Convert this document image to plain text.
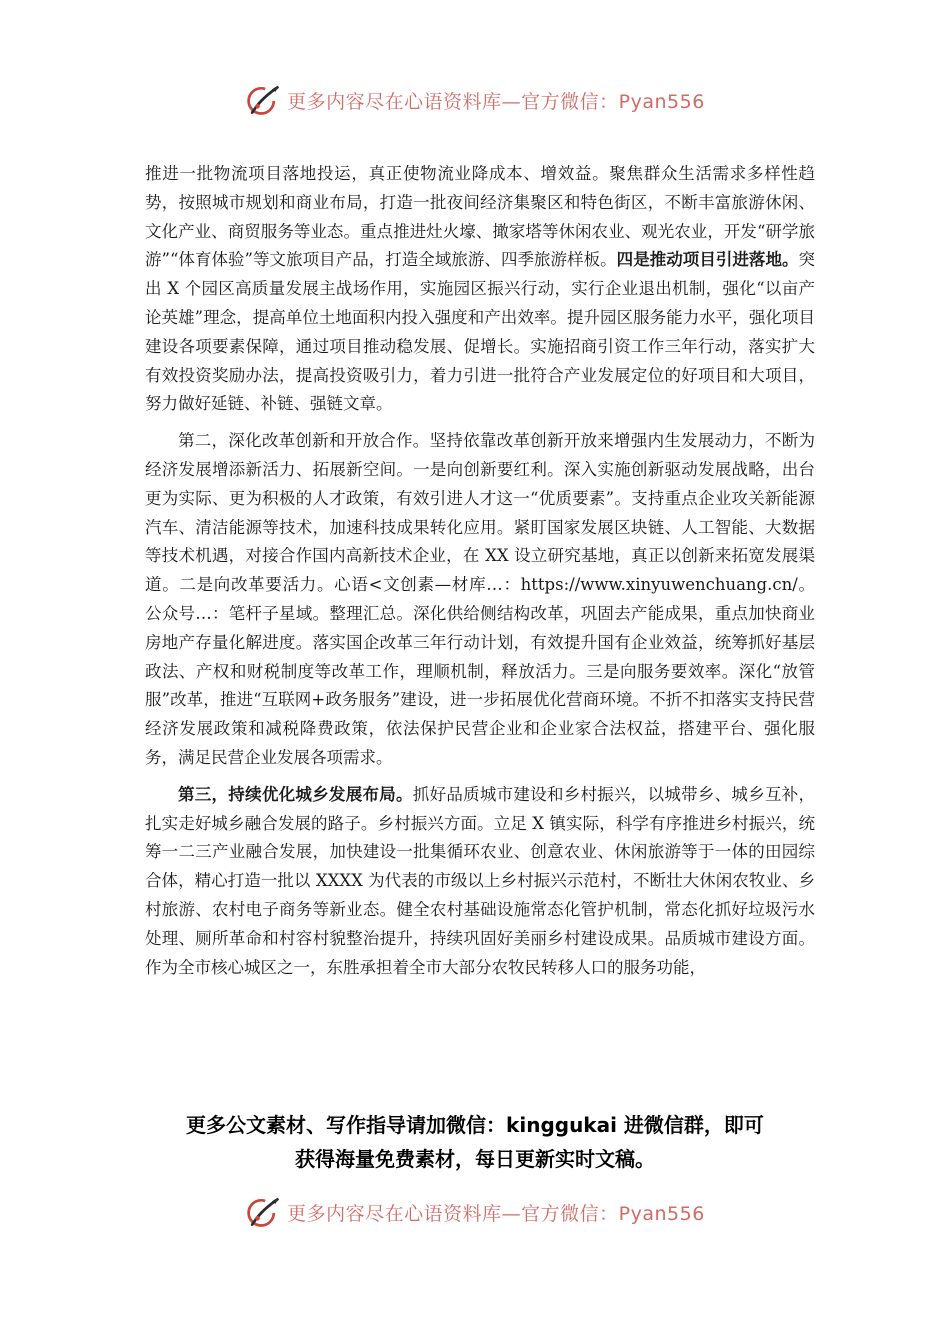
更多内容尽在心语资料库—官方微信：Pyan556

推进一批物流项目落地投运，真正使物流业降成本、增效益。聚焦群众生活需求多样性趋势，按照城市规划和商业布局，打造一批夜间经济集聚区和特色街区，不断丰富旅游休闲、文化产业、商贸服务等业态。重点推进灶火壕、撖家塔等休闲农业、观光农业，开发“研学旅游”“体育体验”等文旅项目产品，打造全域旅游、四季旅游样板。四是推动项目引进落地。突出 X 个园区高质量发展主战场作用，实施园区振兴行动，实行企业退出机制，强化“以亩产论英雄”理念，提高单位土地面积内投入强度和产出效率。提升园区服务能力水平，强化项目建设各项要素保障，通过项目推动稳发展、促增长。实施招商引资工作三年行动，落实扩大有效投资奖励办法，提高投资吸引力，着力引进一批符合产业发展定位的好项目和大项目，努力做好延链、补链、强链文章。

第二，深化改革创新和开放合作。坚持依靠改革创新开放来增强内生发展动力，不断为经济发展增添新活力、拓展新空间。一是向创新要红利。深入实施创新驱动发展战略，出台更为实际、更为积极的人才政策，有效引进人才这一“优质要素”。支持重点企业攻关新能源汽车、清洁能源等技术，加速科技成果转化应用。紧盯国家发展区块链、人工智能、大数据等技术机遇，对接合作国内高新技术企业，在 XX 设立研究基地，真正以创新来拓宽发展渠道。二是向改革要活力。心语<文创素—材库…：https://www.xinyuwenchuang.cn/。公众号…：笔杆子星域。整理汇总。深化供给侧结构改革，巩固去产能成果，重点加快商业房地产存量化解进度。落实国企改革三年行动计划，有效提升国有企业效益，统筹抓好基层政法、产权和财税制度等改革工作，理顺机制，释放活力。三是向服务要效率。深化“放管服”改革，推进“互联网+政务服务”建设，进一步拓展优化营商环境。不折不扣落实支持民营经济发展政策和减税降费政策，依法保护民营企业和企业家合法权益，搭建平台、强化服务，满足民营企业发展各项需求。

第三，持续优化城乡发展布局。抓好品质城市建设和乡村振兴，以城带乡、城乡互补，扎实走好城乡融合发展的路子。乡村振兴方面。立足 X 镇实际，科学有序推进乡村振兴，统筹一二三产业融合发展，加快建设一批集循环农业、创意农业、休闲旅游等于一体的田园综合体，精心打造一批以 XXXX 为代表的市级以上乡村振兴示范村，不断壮大休闲农牧业、乡村旅游、农村电子商务等新业态。健全农村基础设施常态化管护机制，常态化抓好垃圾污水处理、厕所革命和村容村貌整治提升，持续巩固好美丽乡村建设成果。品质城市建设方面。作为全市核心城区之一，东胜承担着全市大部分农牧民转移人口的服务功能，

更多公文素材、写作指导请加微信：kinggukai 进微信群，即可
获得海量免费素材，每日更新实时文稿。
更多内容尽在心语资料库—官方微信：Pyan556
